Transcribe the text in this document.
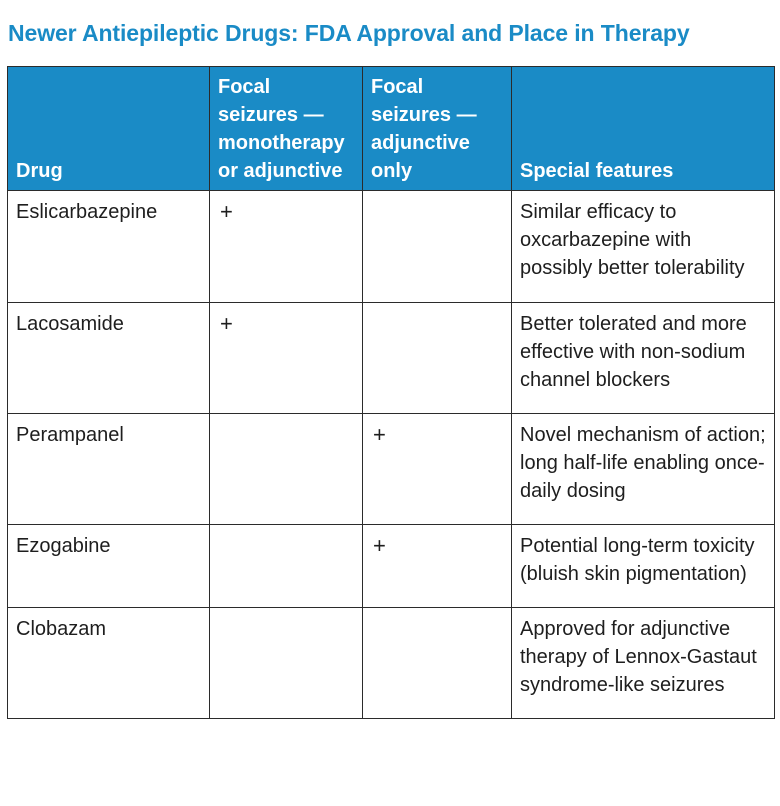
Newer Antiepileptic Drugs: FDA Approval and Place in Therapy
Drug	Focal seizures — monotherapy or adjunctive	Focal seizures — adjunctive only	Special features
Eslicarbazepine	+		Similar efficacy to oxcarbazepine with possibly better tolerability
Lacosamide	+		Better tolerated and more effective with non-sodium channel blockers
Perampanel		+	Novel mechanism of action; long half-life enabling once-daily dosing
Ezogabine		+	Potential long-term toxicity (bluish skin pigmentation)
Clobazam			Approved for adjunctive therapy of Lennox-Gastaut syndrome-like seizures
